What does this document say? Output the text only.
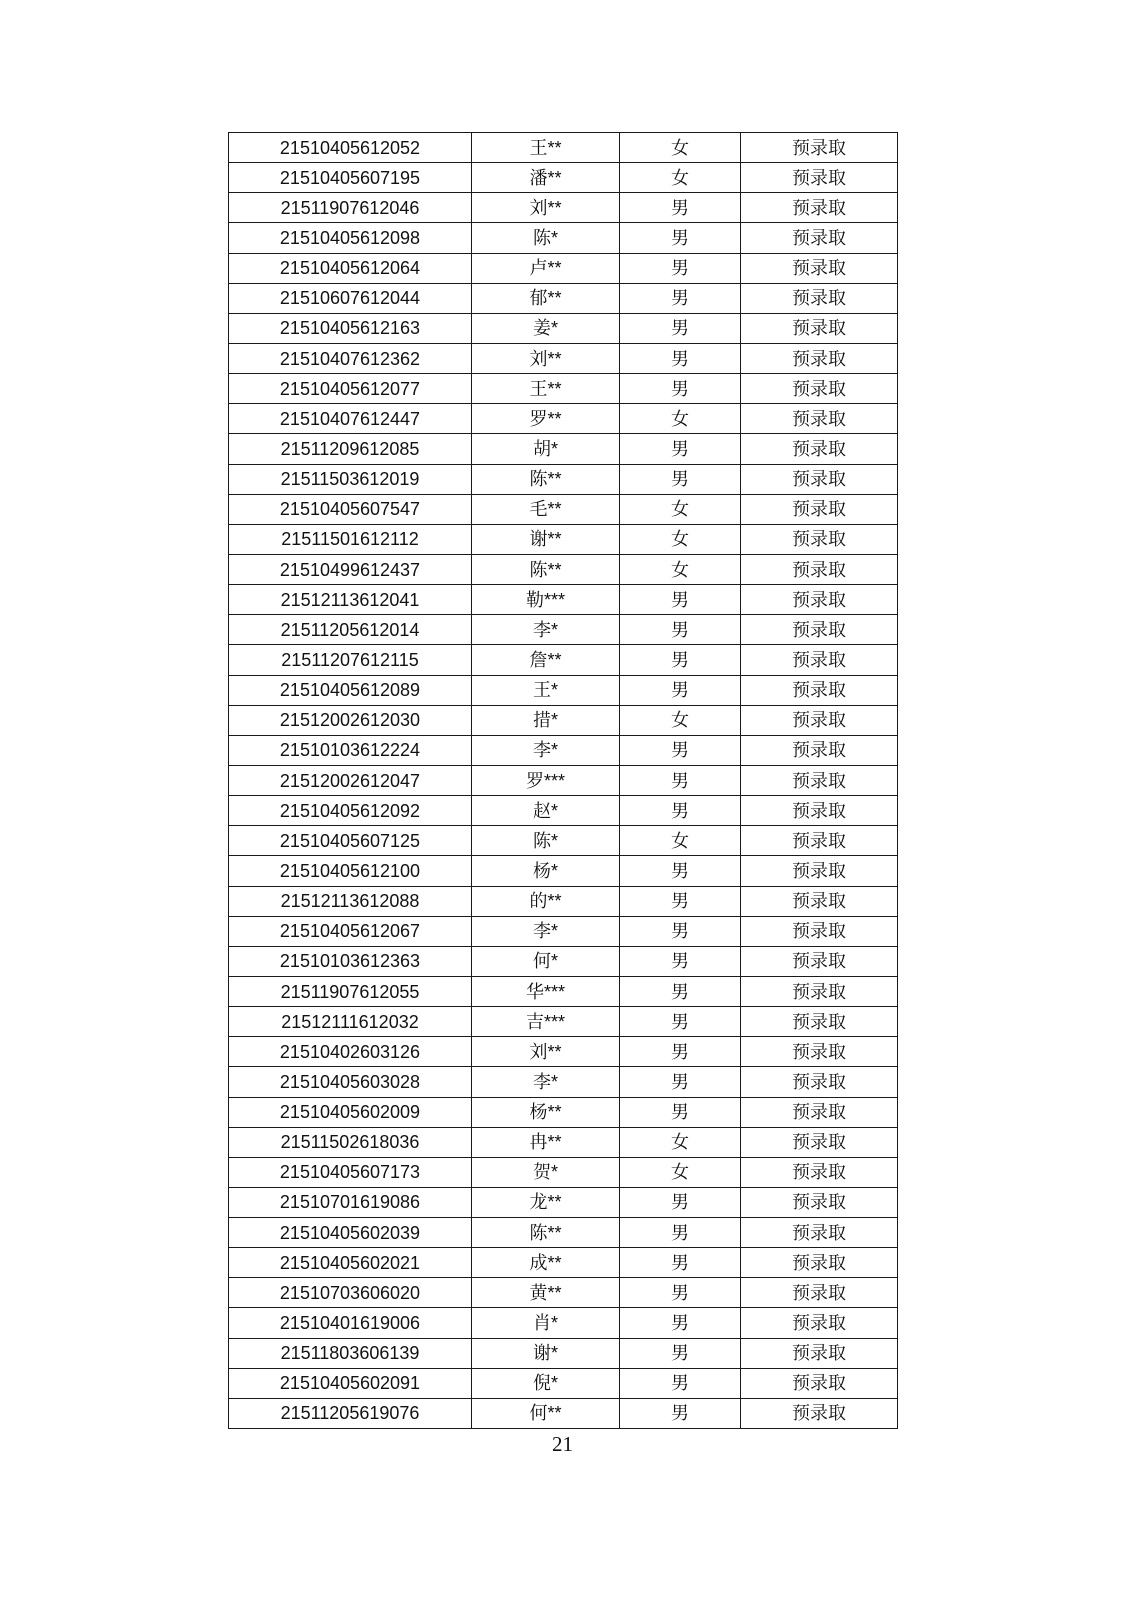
21510405612052	王**	女	预录取
21510405607195	潘**	女	预录取
21511907612046	刘**	男	预录取
21510405612098	陈*	男	预录取
21510405612064	卢**	男	预录取
21510607612044	郁**	男	预录取
21510405612163	姜*	男	预录取
21510407612362	刘**	男	预录取
21510405612077	王**	男	预录取
21510407612447	罗**	女	预录取
21511209612085	胡*	男	预录取
21511503612019	陈**	男	预录取
21510405607547	毛**	女	预录取
21511501612112	谢**	女	预录取
21510499612437	陈**	女	预录取
21512113612041	勒***	男	预录取
21511205612014	李*	男	预录取
21511207612115	詹**	男	预录取
21510405612089	王*	男	预录取
21512002612030	措*	女	预录取
21510103612224	李*	男	预录取
21512002612047	罗***	男	预录取
21510405612092	赵*	男	预录取
21510405607125	陈*	女	预录取
21510405612100	杨*	男	预录取
21512113612088	的**	男	预录取
21510405612067	李*	男	预录取
21510103612363	何*	男	预录取
21511907612055	华***	男	预录取
21512111612032	吉***	男	预录取
21510402603126	刘**	男	预录取
21510405603028	李*	男	预录取
21510405602009	杨**	男	预录取
21511502618036	冉**	女	预录取
21510405607173	贺*	女	预录取
21510701619086	龙**	男	预录取
21510405602039	陈**	男	预录取
21510405602021	成**	男	预录取
21510703606020	黄**	男	预录取
21510401619006	肖*	男	预录取
21511803606139	谢*	男	预录取
21510405602091	倪*	男	预录取
21511205619076	何**	男	预录取
21
